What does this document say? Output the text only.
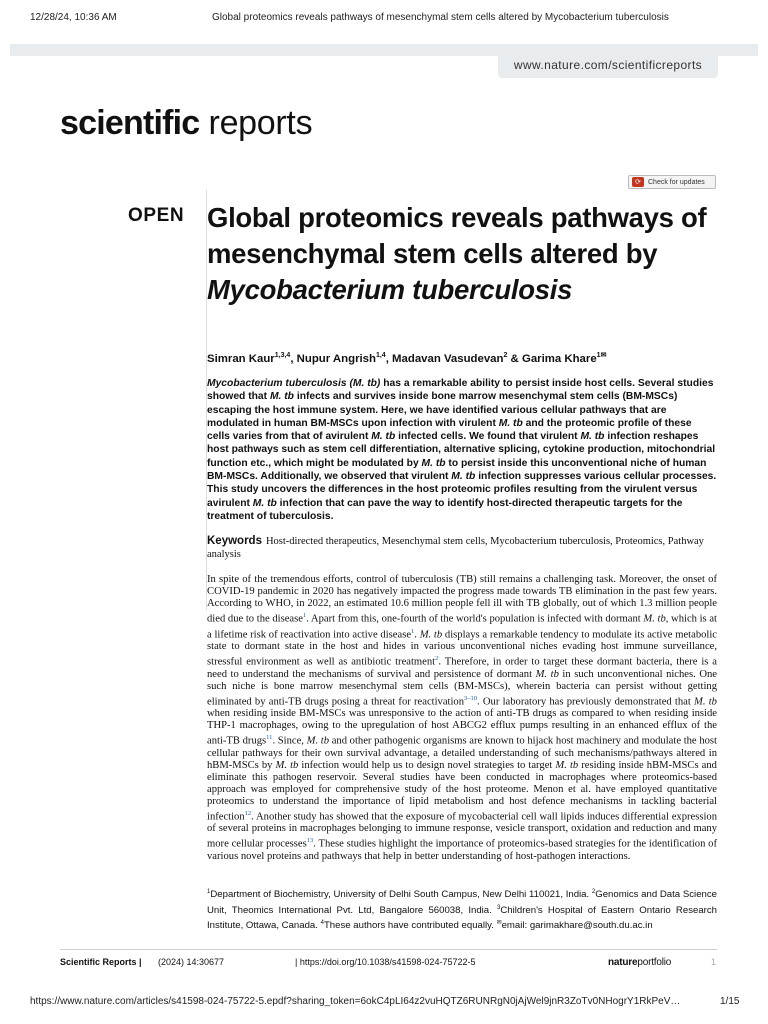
12/28/24, 10:36 AM	Global proteomics reveals pathways of mesenchymal stem cells altered by Mycobacterium tuberculosis
www.nature.com/scientificreports
scientific reports
⟳	Check for updates
OPEN Global proteomics reveals pathways of mesenchymal stem cells altered by Mycobacterium tuberculosis
Simran Kaur$^{1,3,4}$, Nupur Angrish$^{1,4}$, Madavan Vasudevan$^2$ & Garima Khare$^{1✉}$
Mycobacterium tuberculosis (M. tb) has a remarkable ability to persist inside host cells. Several studies showed that M. tb infects and survives inside bone marrow mesenchymal stem cells (BM-MSCs) escaping the host immune system. Here, we have identified various cellular pathways that are modulated in human BM-MSCs upon infection with virulent M. tb and the proteomic profile of these cells varies from that of avirulent M. tb infected cells. We found that virulent M. tb infection reshapes host pathways such as stem cell differentiation, alternative splicing, cytokine production, mitochondrial function etc., which might be modulated by M. tb to persist inside this unconventional niche of human BM-MSCs. Additionally, we observed that virulent M. tb infection suppresses various cellular processes. This study uncovers the differences in the host proteomic profiles resulting from the virulent versus avirulent M. tb infection that can pave the way to identify host-directed therapeutic targets for the treatment of tuberculosis.
Keywords Host-directed therapeutics, Mesenchymal stem cells, Mycobacterium tuberculosis, Proteomics, Pathway analysis
In spite of the tremendous efforts, control of tuberculosis (TB) still remains a challenging task. Moreover, the onset of COVID-19 pandemic in 2020 has negatively impacted the progress made towards TB elimination in the past few years. According to WHO, in 2022, an estimated 10.6 million people fell ill with TB globally, out of which 1.3 million people died due to the disease$^1$. Apart from this, one-fourth of the world's population is infected with dormant M. tb, which is at a lifetime risk of reactivation into active disease$^1$. M. tb displays a remarkable tendency to modulate its active metabolic state to dormant state in the host and hides in various unconventional niches evading host immune surveillance, stressful environment as well as antibiotic treatment$^2$. Therefore, in order to target these dormant bacteria, there is a need to understand the mechanisms of survival and persistence of dormant M. tb in such unconventional niches. One such niche is bone marrow mesenchymal stem cells (BM-MSCs), wherein bacteria can persist without getting eliminated by anti-TB drugs posing a threat for reactivation$^{3-10}$. Our laboratory has previously demonstrated that M. tb when residing inside BM-MSCs was unresponsive to the action of anti-TB drugs as compared to when residing inside THP-1 macrophages, owing to the upregulation of host ABCG2 efflux pumps resulting in an enhanced efflux of the anti-TB drugs$^{11}$. Since, M. tb and other pathogenic organisms are known to hijack host machinery and modulate the host cellular pathways for their own survival advantage, a detailed understanding of such mechanisms/pathways altered in hBM-MSCs by M. tb infection would help us to design novel strategies to target M. tb residing inside hBM-MSCs and eliminate this pathogen reservoir. Several studies have been conducted in macrophages where proteomics-based approach was employed for comprehensive study of the host proteome. Menon et al. have employed quantitative proteomics to understand the importance of lipid metabolism and host defence mechanisms in tackling bacterial infection$^{12}$. Another study has showed that the exposure of mycobacterial cell wall lipids induces differential expression of several proteins in macrophages belonging to immune response, vesicle transport, oxidation and reduction and many more cellular processes$^{13}$. These studies highlight the importance of proteomics-based strategies for the identification of various novel proteins and pathways that help in better understanding of host-pathogen interactions.
$^1$Department of Biochemistry, University of Delhi South Campus, New Delhi 110021, India. $^2$Genomics and Data Science Unit, Theomics International Pvt. Ltd, Bangalore 560038, India. $^3$Children's Hospital of Eastern Ontario Research Institute, Ottawa, Canada. $^4$These authors have contributed equally. ✉email: garimakhare@south.du.ac.in
Scientific Reports | (2024) 14:30677	| https://doi.org/10.1038/s41598-024-75722-5	natureportfolio	1
https://www.nature.com/articles/s41598-024-75722-5.epdf?sharing_token=6okC4pLI64z2vuHQTZ6RUNRgN0jAjWel9jnR3ZoTv0NHogrY1RkPeV…	1/15
